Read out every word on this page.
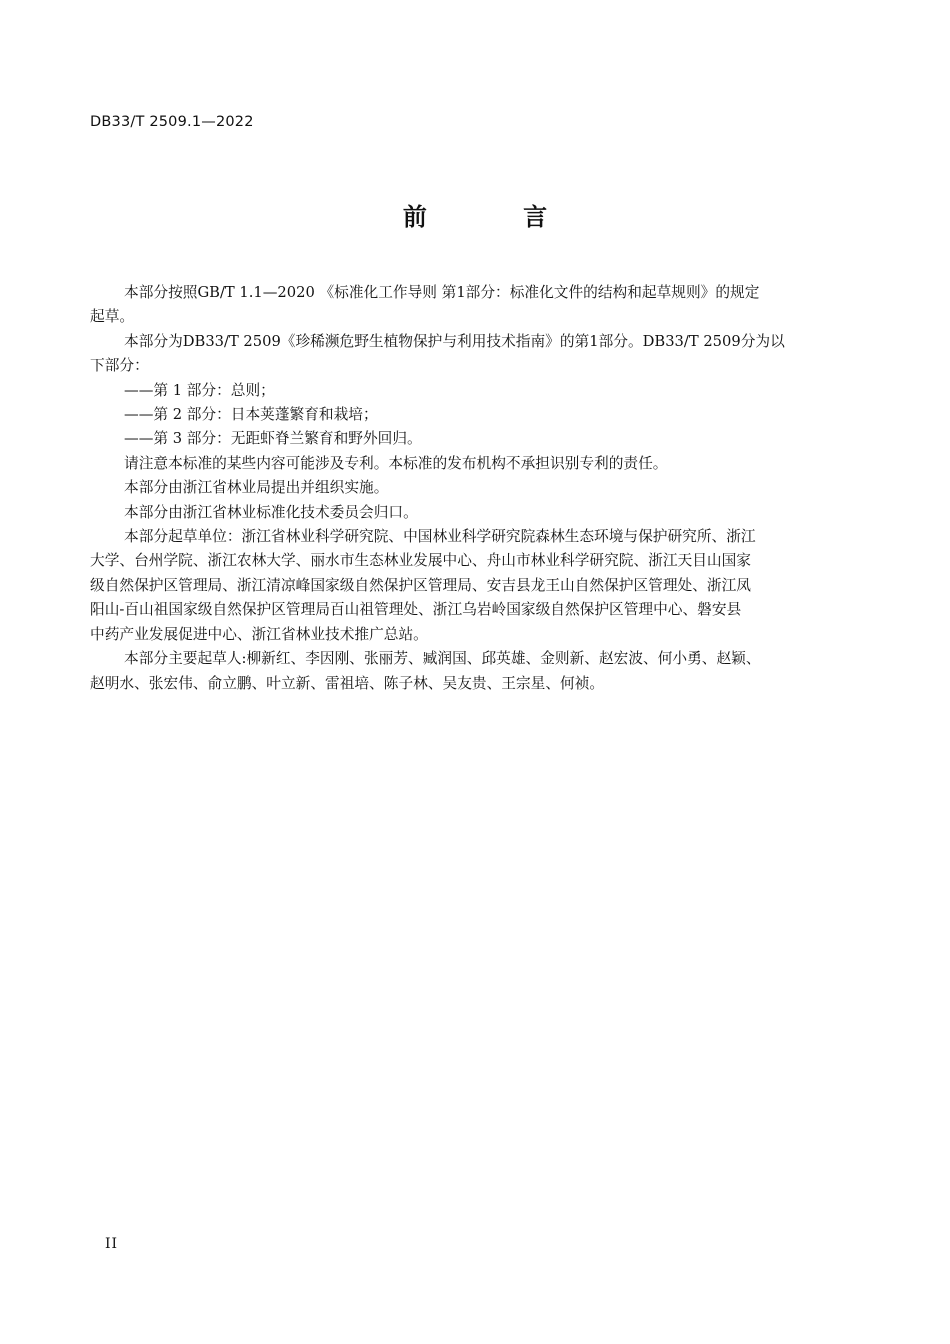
DB33/T 2509.1—2022
前 言

本部分按照GB/T 1.1—2020 《标准化工作导则 第1部分：标准化文件的结构和起草规则》的规定

起草。

本部分为DB33/T 2509《珍稀濒危野生植物保护与利用技术指南》的第1部分。DB33/T 2509分为以

下部分：

——第 1 部分：总则；

——第 2 部分：日本荚蓬繁育和栽培；

——第 3 部分：无距虾脊兰繁育和野外回归。

请注意本标准的某些内容可能涉及专利。本标准的发布机构不承担识别专利的责任。

本部分由浙江省林业局提出并组织实施。

本部分由浙江省林业标准化技术委员会归口。

本部分起草单位：浙江省林业科学研究院、中国林业科学研究院森林生态环境与保护研究所、浙江

大学、台州学院、浙江农林大学、丽水市生态林业发展中心、舟山市林业科学研究院、浙江天目山国家

级自然保护区管理局、浙江清凉峰国家级自然保护区管理局、安吉县龙王山自然保护区管理处、浙江凤

阳山-百山祖国家级自然保护区管理局百山祖管理处、浙江乌岩岭国家级自然保护区管理中心、磐安县

中药产业发展促进中心、浙江省林业技术推广总站。

本部分主要起草人:柳新红、李因刚、张丽芳、臧润国、邱英雄、金则新、赵宏波、何小勇、赵颖、

赵明水、张宏伟、俞立鹏、叶立新、雷祖培、陈子林、吴友贵、王宗星、何祯。

II
